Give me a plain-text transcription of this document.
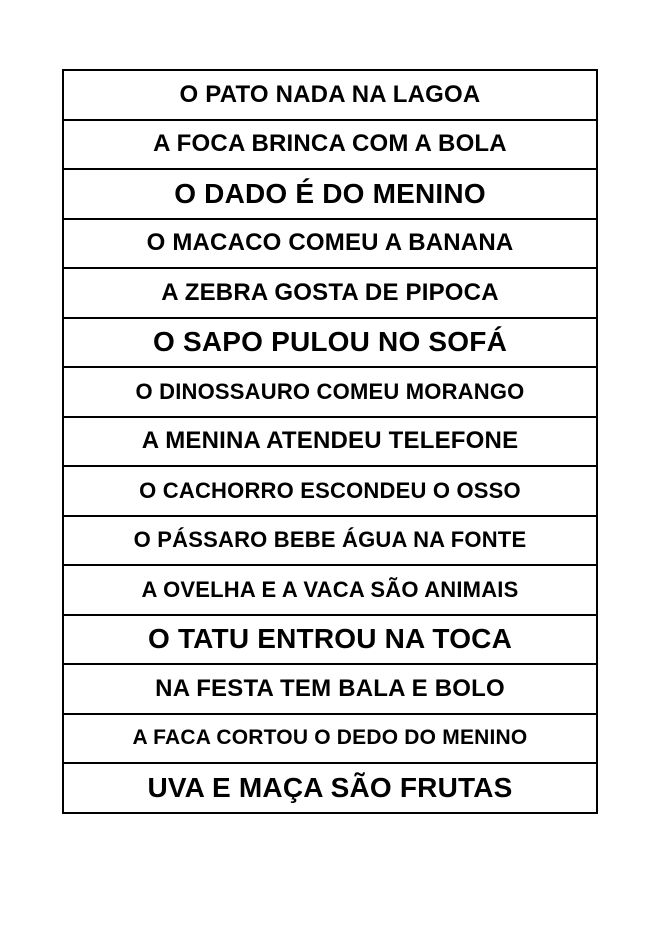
O PATO NADA NA LAGOA
A FOCA BRINCA COM A BOLA
O DADO É DO MENINO
O MACACO COMEU A BANANA
A ZEBRA GOSTA DE PIPOCA
O SAPO PULOU NO SOFÁ
O DINOSSAURO COMEU MORANGO
A MENINA ATENDEU TELEFONE
O CACHORRO ESCONDEU O OSSO
O PÁSSARO BEBE ÁGUA NA FONTE
A OVELHA E A VACA SÃO ANIMAIS
O TATU ENTROU NA TOCA
NA FESTA TEM BALA E BOLO
A FACA CORTOU O DEDO DO MENINO
UVA E MAÇA SÃO FRUTAS
